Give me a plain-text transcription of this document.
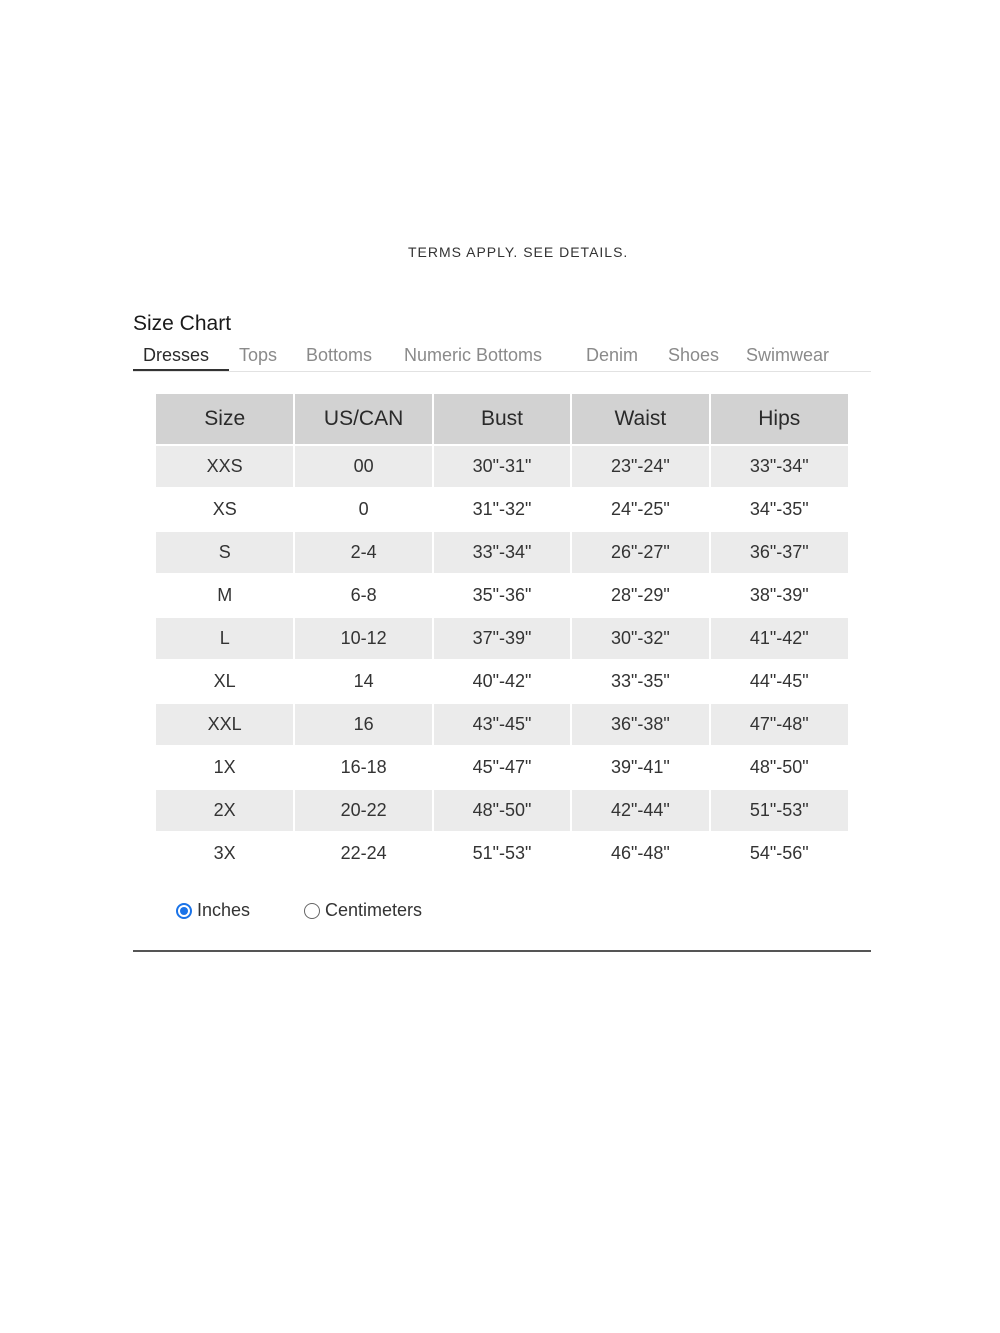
TERMS APPLY. SEE DETAILS.
Size Chart
Dresses Tops Bottoms Numeric Bottoms Denim Shoes Swimwear
Size	US/CAN	Bust	Waist	Hips
XXS	00	30"-31"	23"-24"	33"-34"
XS	0	31"-32"	24"-25"	34"-35"
S	2-4	33"-34"	26"-27"	36"-37"
M	6-8	35"-36"	28"-29"	38"-39"
L	10-12	37"-39"	30"-32"	41"-42"
XL	14	40"-42"	33"-35"	44"-45"
XXL	16	43"-45"	36"-38"	47"-48"
1X	16-18	45"-47"	39"-41"	48"-50"
2X	20-22	48"-50"	42"-44"	51"-53"
3X	22-24	51"-53"	46"-48"	54"-56"
Inches	Centimeters
